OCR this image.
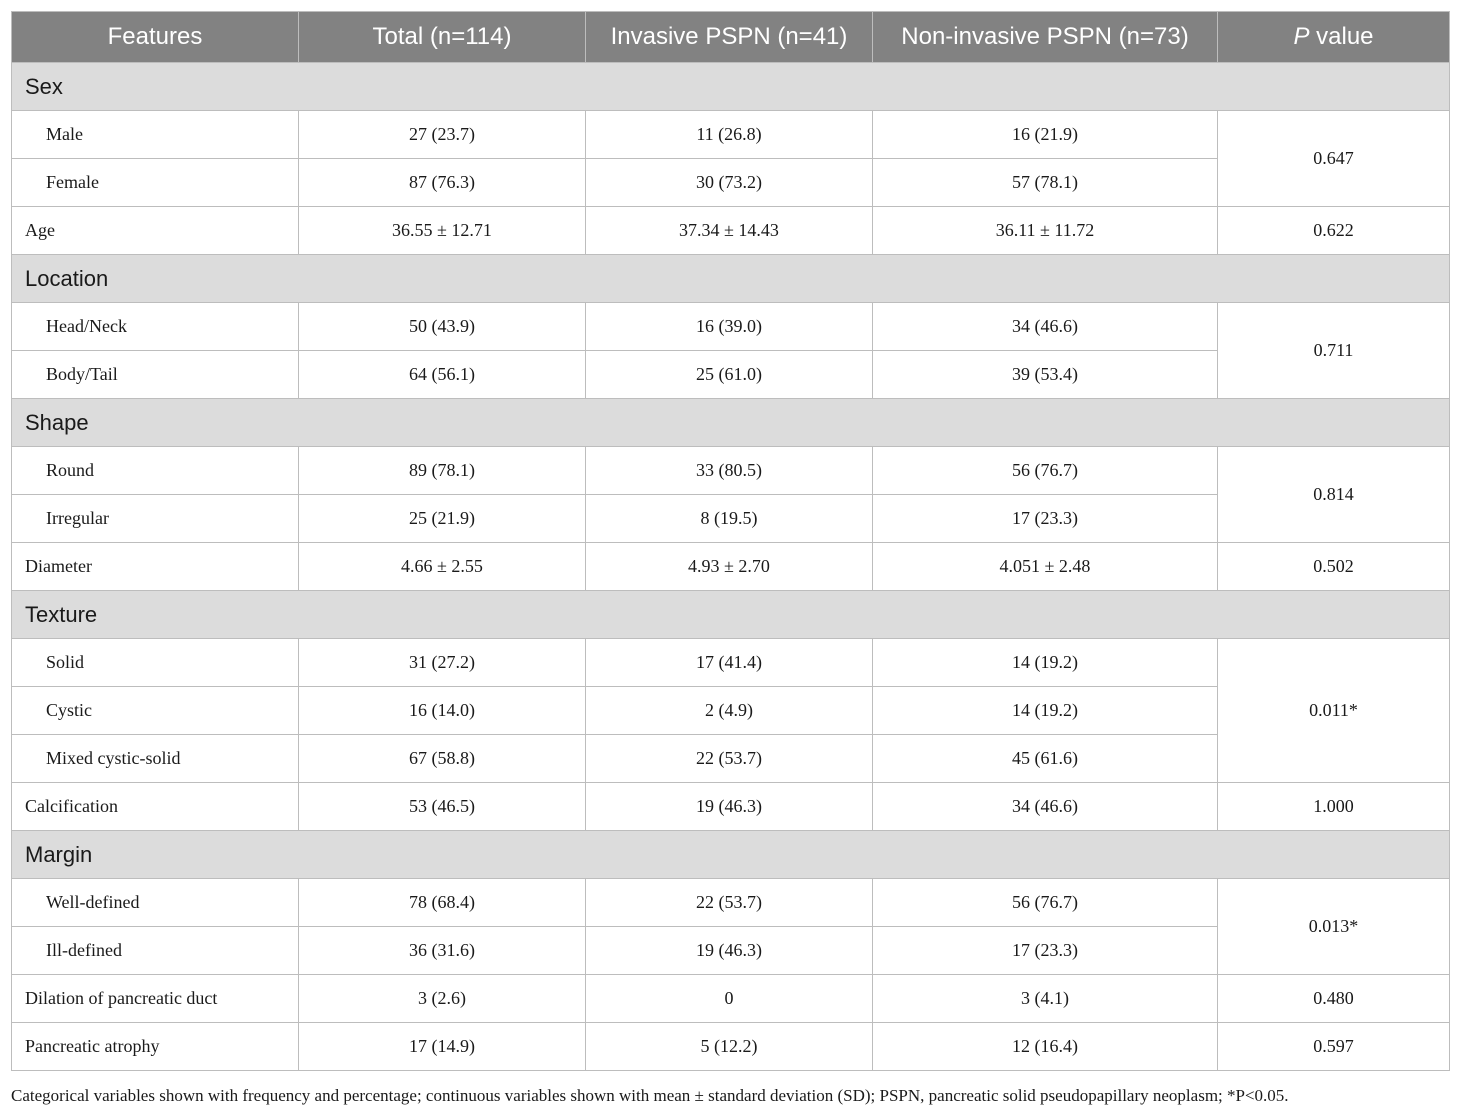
Features	Total (n=114)	Invasive PSPN (n=41)	Non-invasive PSPN (n=73)	P value
Sex				
Male	27 (23.7)	11 (26.8)	16 (21.9)	0.647
Female	87 (76.3)	30 (73.2)	57 (78.1)	
Age	36.55 ± 12.71	37.34 ± 14.43	36.11 ± 11.72	0.622
Location				
Head/Neck	50 (43.9)	16 (39.0)	34 (46.6)	0.711
Body/Tail	64 (56.1)	25 (61.0)	39 (53.4)	
Shape				
Round	89 (78.1)	33 (80.5)	56 (76.7)	0.814
Irregular	25 (21.9)	8 (19.5)	17 (23.3)	
Diameter	4.66 ± 2.55	4.93 ± 2.70	4.051 ± 2.48	0.502
Texture				
Solid	31 (27.2)	17 (41.4)	14 (19.2)	0.011*
Cystic	16 (14.0)	2 (4.9)	14 (19.2)	
Mixed cystic-solid	67 (58.8)	22 (53.7)	45 (61.6)	
Calcification	53 (46.5)	19 (46.3)	34 (46.6)	1.000
Margin				
Well-defined	78 (68.4)	22 (53.7)	56 (76.7)	0.013*
Ill-defined	36 (31.6)	19 (46.3)	17 (23.3)	
Dilation of pancreatic duct	3 (2.6)	0	3 (4.1)	0.480
Pancreatic atrophy	17 (14.9)	5 (12.2)	12 (16.4)	0.597
Categorical variables shown with frequency and percentage; continuous variables shown with mean ± standard deviation (SD); PSPN, pancreatic solid pseudopapillary neoplasm; *P<0.05.
